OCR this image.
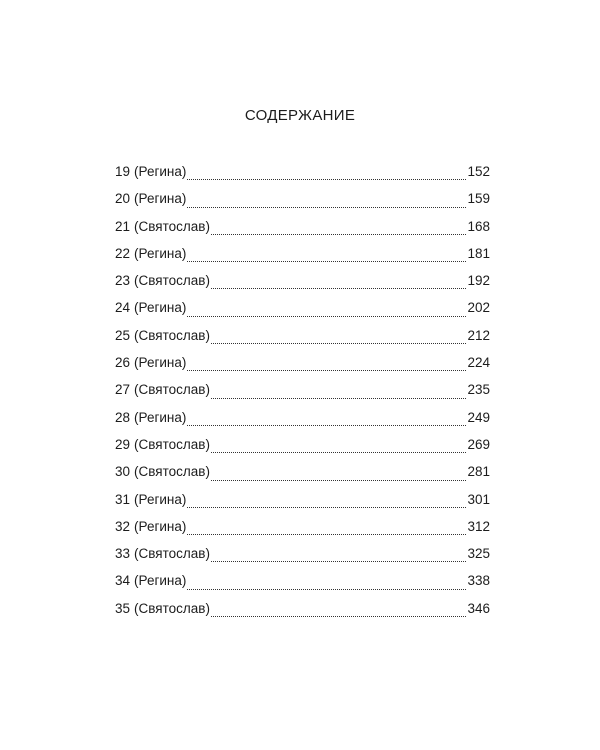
СОДЕРЖАНИЕ
19 (Регина)	152
20 (Регина)	159
21 (Святослав)	168
22 (Регина)	181
23 (Святослав)	192
24 (Регина)	202
25 (Святослав)	212
26 (Регина)	224
27 (Святослав)	235
28 (Регина)	249
29 (Святослав)	269
30 (Святослав)	281
31 (Регина)	301
32 (Регина)	312
33 (Святослав)	325
34 (Регина)	338
35 (Святослав)	346
